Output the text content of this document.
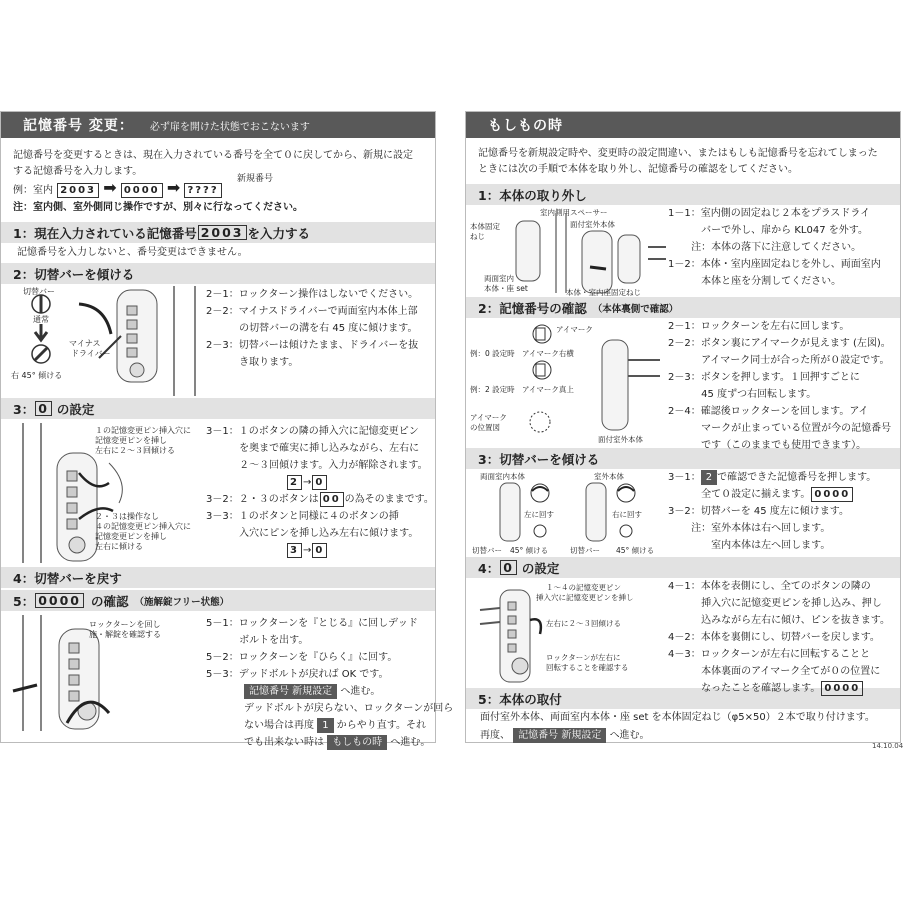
記憶番号 変更： 必ず扉を開けた状態でおこないます
記憶番号を変更するときは、現在入力されている番号を全て０に戻してから、新規に設定
する記憶番号を入力します。
例：室内 2003 ➡ 0000 ➡ ????
新規番号
注：室内側、室外側同じ操作ですが、別々に行なってください。
1：現在入力されている記憶番号 2003 を入力する
記憶番号を入力しないと、番号変更はできません。
2：切替バーを傾ける
切替バー
通常
右 45° 傾ける
マイナス
ドライバー
2－1：ロックターン操作はしないでください。
2－2：マイナスドライバーで両面室内本体上部
　　　 の切替バーの溝を右 45 度に傾けます。
2－3：切替バーは傾けたまま、ドライバーを抜
　　　 き取ります。
3： 0 の設定
１の記憶変更ピン挿入穴に
記憶変更ピンを挿し
左右に２～３回傾ける
２・３は操作なし
４の記憶変更ピン挿入穴に
記憶変更ピンを挿し
左右に傾ける
3－1：１のボタンの隣の挿入穴に記憶変更ピン
　　　 を奥まで確実に挿し込みながら、左右に
　　　 ２～３回傾けます。入力が解除されます。
2 → 0
3－2：２・３のボタンは 00 の為そのままです。
3－3：１のボタンと同様に４のボタンの挿
　　　 入穴にピンを挿し込み左右に傾けます。
3 → 0
4：切替バーを戻す
5： 0000 の確認 （施解錠フリー状態）
ロックターンを回し
施・解錠を確認する
5－1：ロックターンを『とじる』に回しデッド
　　　 ボルトを出す。
5－2：ロックターンを『ひらく』に回す。
5－3：デッドボルトが戻れば OK です。
記憶番号 新規設定 へ進む。
デッドボルトが戻らない、ロックターンが回ら
ない場合は再度 1 からやり直す。それ
でも出来ない時は もしもの時 へ進む。
もしもの時
記憶番号を新規設定時や、変更時の設定間違い、またはもしも記憶番号を忘れてしまった
ときには次の手順で本体を取り外し、記憶番号の確認をしてください。
1：本体の取り外し
室内側用スペーサー
面付室外本体
本体固定
ねじ
両面室内
本体・座 set	本体・室内座固定ねじ
1－1：室内側の固定ねじ２本をプラスドライ
　　　 バーで外し、扉から KL047 を外す。
　　 注：本体の落下に注意してください。
1－2：本体・室内座固定ねじを外し、両面室内
　　　 本体と座を分割してください。
2：記憶番号の確認 （本体裏側で確認）
アイマーク
例：0 設定時 アイマーク右横
例：2 設定時 アイマーク真上
アイマーク
の位置図
面付室外本体
2－1：ロックターンを左右に回します。
2－2：ボタン裏にアイマークが見えます (左図)。
　　　 アイマーク同士が合った所が０設定です。
2－3：ボタンを押します。１回押すごとに
　　　 45 度ずつ右回転します。
2－4：確認後ロックターンを回します。アイ
　　　 マークが止まっている位置が今の記憶番号
　　　 です（このままでも使用できます）。
3：切替バーを傾ける
両面室内本体	室外本体
左に回す	右に回す
切替バー 45° 傾ける	切替バー 45° 傾ける
3－1： 2 で確認できた記憶番号を押します。
　　　 全て０設定に揃えます。 0000
3－2：切替バーを 45 度左に傾けます。
　　 注：室外本体は右へ回します。
　　　　 室内本体は左へ回します。
4： 0 の設定
１～４の記憶変更ピン
挿入穴に記憶変更ピンを挿し
左右に２～３回傾ける
ロックターンが左右に
回転することを確認する
4－1：本体を表側にし、全てのボタンの隣の
　　　 挿入穴に記憶変更ピンを挿し込み、押し
　　　 込みながら左右に傾け、ピンを抜きます。
4－2：本体を裏側にし、切替バーを戻します。
4－3：ロックターンが左右に回転することと
　　　 本体裏面のアイマーク全てが０の位置に
　　　 なったことを確認します。 0000
5：本体の取付
面付室外本体、両面室内本体・座 set を本体固定ねじ（φ5×50）２本で取り付けます。
再度、 記憶番号 新規設定 へ進む。
14.10.04
